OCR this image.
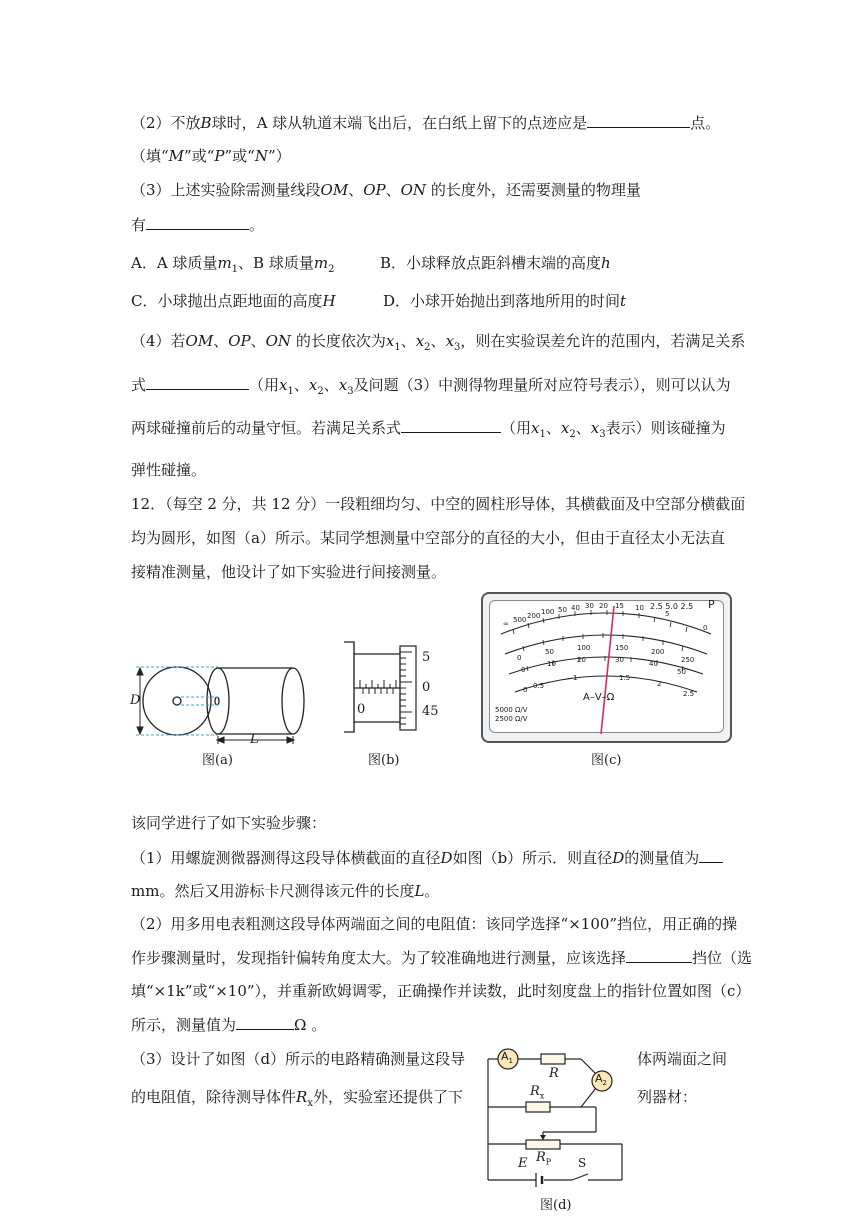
（2）不放B球时，A 球从轨道末端飞出后，在白纸上留下的点迹应是	点。
（填“M”或“P”或“N”）
（3）上述实验除需测量线段OM、OP、ON 的长度外，还需要测量的物理量
有	。
A．A 球质量$m_1$、B 球质量$m_2$	B．小球释放点距斜槽末端的高度h
C．小球抛出点距地面的高度H	D．小球开始抛出到落地所用的时间t
（4）若OM、OP、ON 的长度依次为$x_1$、$x_2$、$x_3$，则在实验误差允许的范围内，若满足关系
式	（用$x_1$、$x_2$、$x_3$及问题（3）中测得物理量所对应符号表示），则可以认为
两球碰撞前后的动量守恒。若满足关系式	（用$x_1$、$x_2$、$x_3$表示）则该碰撞为
弹性碰撞。
12．（每空 2 分，共 12 分）一段粗细均匀、中空的圆柱形导体，其横截面及中空部分横截面
均为圆形，如图（a）所示。某同学想测量中空部分的直径的大小，但由于直径太小无法直
接精准测量，他设计了如下实验进行间接测量。
D
L
图(a)
5
0
45
0
图(b)
∞ 500 200 100 50 40 30 20 15 10
5
0
2.5 5.0 2.5 P
0
50	100	150	200
250
0
10	20	30	40
50
0 0.5
1	1.5
2
2.5
A–V–Ω
5000 Ω/V
2500 Ω/V
图(c)
该同学进行了如下实验步骤：
（1）用螺旋测微器测得这段导体横截面的直径D如图（b）所示．则直径D的测量值为
mm。然后又用游标卡尺测得该元件的长度L。
（2）用多用电表粗测这段导体两端面之间的电阻值：该同学选择“×100”挡位，用正确的操
作步骤测量时，发现指针偏转角度太大。为了较准确地进行测量，应该选择	挡位（选
填“×1k”或“×10”），并重新欧姆调零，正确操作并读数，此时刻度盘上的指针位置如图（c）
所示，测量值为	Ω 。
（3）设计了如图（d）所示的电路精确测量这段导	体两端面之间
的电阻值，除待测导体件$R_x$外，实验室还提供了下	列器材：
$A_1$
$A_2$
R
$R_x$
$R_P$
E	S
图(d)
